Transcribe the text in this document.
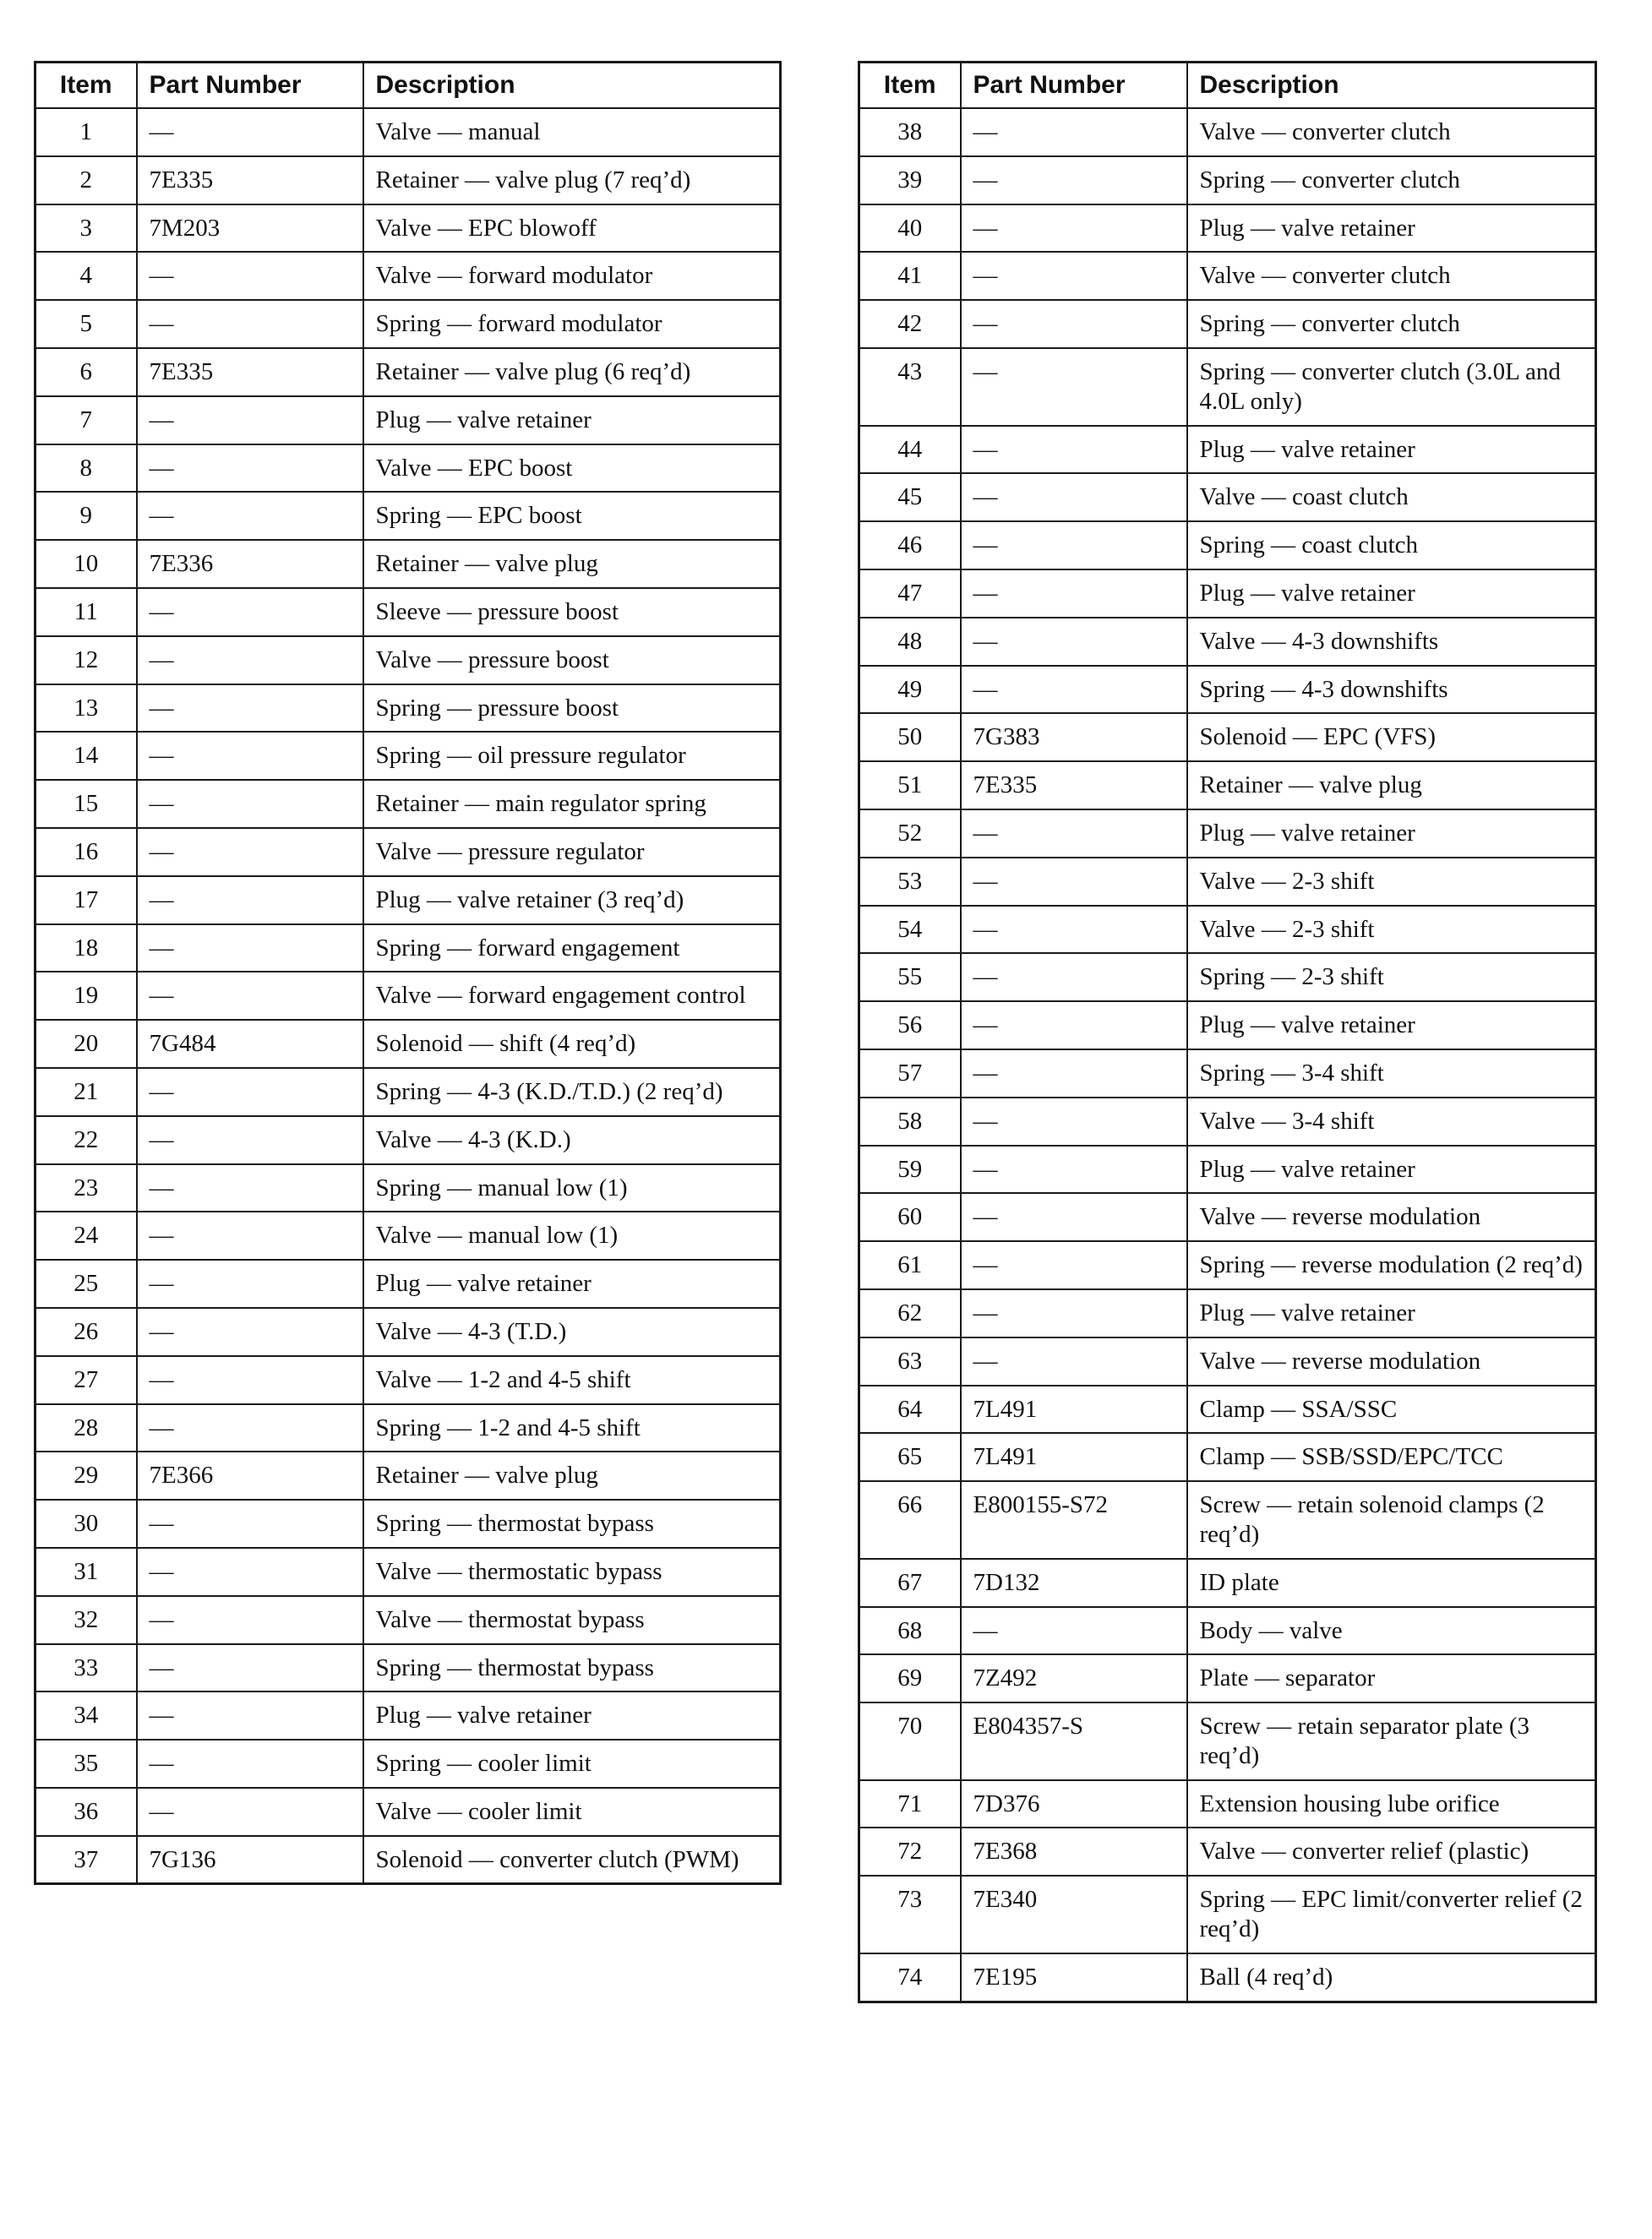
Item	Part Number	Description
1	—	Valve — manual
2	7E335	Retainer — valve plug (7 req’d)
3	7M203	Valve — EPC blowoff
4	—	Valve — forward modulator
5	—	Spring — forward modulator
6	7E335	Retainer — valve plug (6 req’d)
7	—	Plug — valve retainer
8	—	Valve — EPC boost
9	—	Spring — EPC boost
10	7E336	Retainer — valve plug
11	—	Sleeve — pressure boost
12	—	Valve — pressure boost
13	—	Spring — pressure boost
14	—	Spring — oil pressure regulator
15	—	Retainer — main regulator spring
16	—	Valve — pressure regulator
17	—	Plug — valve retainer (3 req’d)
18	—	Spring — forward engagement
19	—	Valve — forward engagement control
20	7G484	Solenoid — shift (4 req’d)
21	—	Spring — 4-3 (K.D./T.D.) (2 req’d)
22	—	Valve — 4-3 (K.D.)
23	—	Spring — manual low (1)
24	—	Valve — manual low (1)
25	—	Plug — valve retainer
26	—	Valve — 4-3 (T.D.)
27	—	Valve — 1-2 and 4-5 shift
28	—	Spring — 1-2 and 4-5 shift
29	7E366	Retainer — valve plug
30	—	Spring — thermostat bypass
31	—	Valve — thermostatic bypass
32	—	Valve — thermostat bypass
33	—	Spring — thermostat bypass
34	—	Plug — valve retainer
35	—	Spring — cooler limit
36	—	Valve — cooler limit
37	7G136	Solenoid — converter clutch (PWM)
Item	Part Number	Description
38	—	Valve — converter clutch
39	—	Spring — converter clutch
40	—	Plug — valve retainer
41	—	Valve — converter clutch
42	—	Spring — converter clutch
43	—	Spring — converter clutch (3.0L and 4.0L only)
44	—	Plug — valve retainer
45	—	Valve — coast clutch
46	—	Spring — coast clutch
47	—	Plug — valve retainer
48	—	Valve — 4-3 downshifts
49	—	Spring — 4-3 downshifts
50	7G383	Solenoid — EPC (VFS)
51	7E335	Retainer — valve plug
52	—	Plug — valve retainer
53	—	Valve — 2-3 shift
54	—	Valve — 2-3 shift
55	—	Spring — 2-3 shift
56	—	Plug — valve retainer
57	—	Spring — 3-4 shift
58	—	Valve — 3-4 shift
59	—	Plug — valve retainer
60	—	Valve — reverse modulation
61	—	Spring — reverse modulation (2 req’d)
62	—	Plug — valve retainer
63	—	Valve — reverse modulation
64	7L491	Clamp — SSA/SSC
65	7L491	Clamp — SSB/SSD/EPC/TCC
66	E800155-S72	Screw — retain solenoid clamps (2 req’d)
67	7D132	ID plate
68	—	Body — valve
69	7Z492	Plate — separator
70	E804357-S	Screw — retain separator plate (3 req’d)
71	7D376	Extension housing lube orifice
72	7E368	Valve — converter relief (plastic)
73	7E340	Spring — EPC limit/converter relief (2 req’d)
74	7E195	Ball (4 req’d)
